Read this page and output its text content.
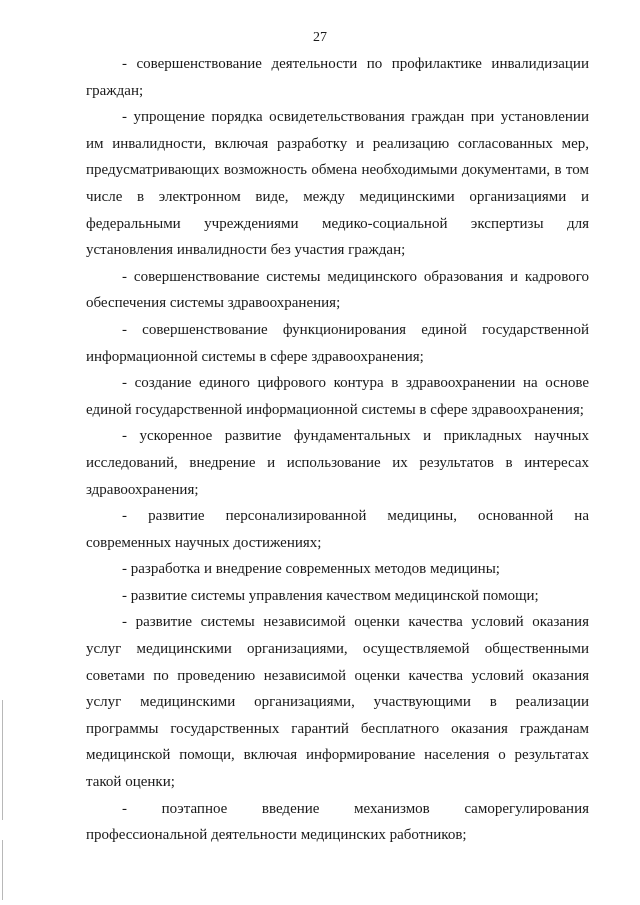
27

- совершенствование деятельности по профилактике инвалидизации граждан;

- упрощение порядка освидетельствования граждан при установлении им инвалидности, включая разработку и реализацию согласованных мер, предусматривающих возможность обмена необходимыми документами, в том числе в электронном виде, между медицинскими организациями и федеральными учреждениями медико-социальной экспертизы для установления инвалидности без участия граждан;

- совершенствование системы медицинского образования и кадрового обеспечения системы здравоохранения;

- совершенствование функционирования единой государственной информационной системы в сфере здравоохранения;

- создание единого цифрового контура в здравоохранении на основе единой государственной информационной системы в сфере здравоохранения;

- ускоренное развитие фундаментальных и прикладных научных исследований, внедрение и использование их результатов в интересах здравоохранения;

- развитие персонализированной медицины, основанной на современных научных достижениях;

- разработка и внедрение современных методов медицины;

- развитие системы управления качеством медицинской помощи;

- развитие системы независимой оценки качества условий оказания услуг медицинскими организациями, осуществляемой общественными советами по проведению независимой оценки качества условий оказания услуг медицинскими организациями, участвующими в реализации программы государственных гарантий бесплатного оказания гражданам медицинской помощи, включая информирование населения о результатах такой оценки;

- поэтапное введение механизмов саморегулирования профессиональной деятельности медицинских работников;
